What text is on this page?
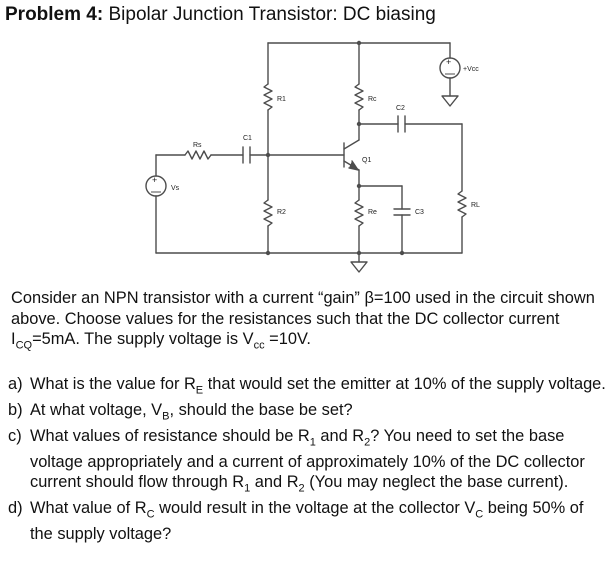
Problem 4: Bipolar Junction Transistor: DC biasing
+
+
+Vcc
Vs
Rs
C1
R1
R2
Rc
C2
Q1
Re	C3
RL
Consider an NPN transistor with a current “gain” β=100 used in the circuit shown above. Choose values for the resistances such that the DC collector current $I_{CQ}=5mA$. The supply voltage is $V_{cc} =10V$.
a) What is the value for $R_E$ that would set the emitter at 10% of the supply voltage.
b) At what voltage, $V_B$, should the base be set?
c) What values of resistance should be $R_1$ and $R_2$? You need to set the base voltage appropriately and a current of approximately 10% of the DC collector current should flow through $R_1$ and $R_2$ (You may neglect the base current).
d) What value of $R_C$ would result in the voltage at the collector $V_C$ being 50% of the supply voltage?
